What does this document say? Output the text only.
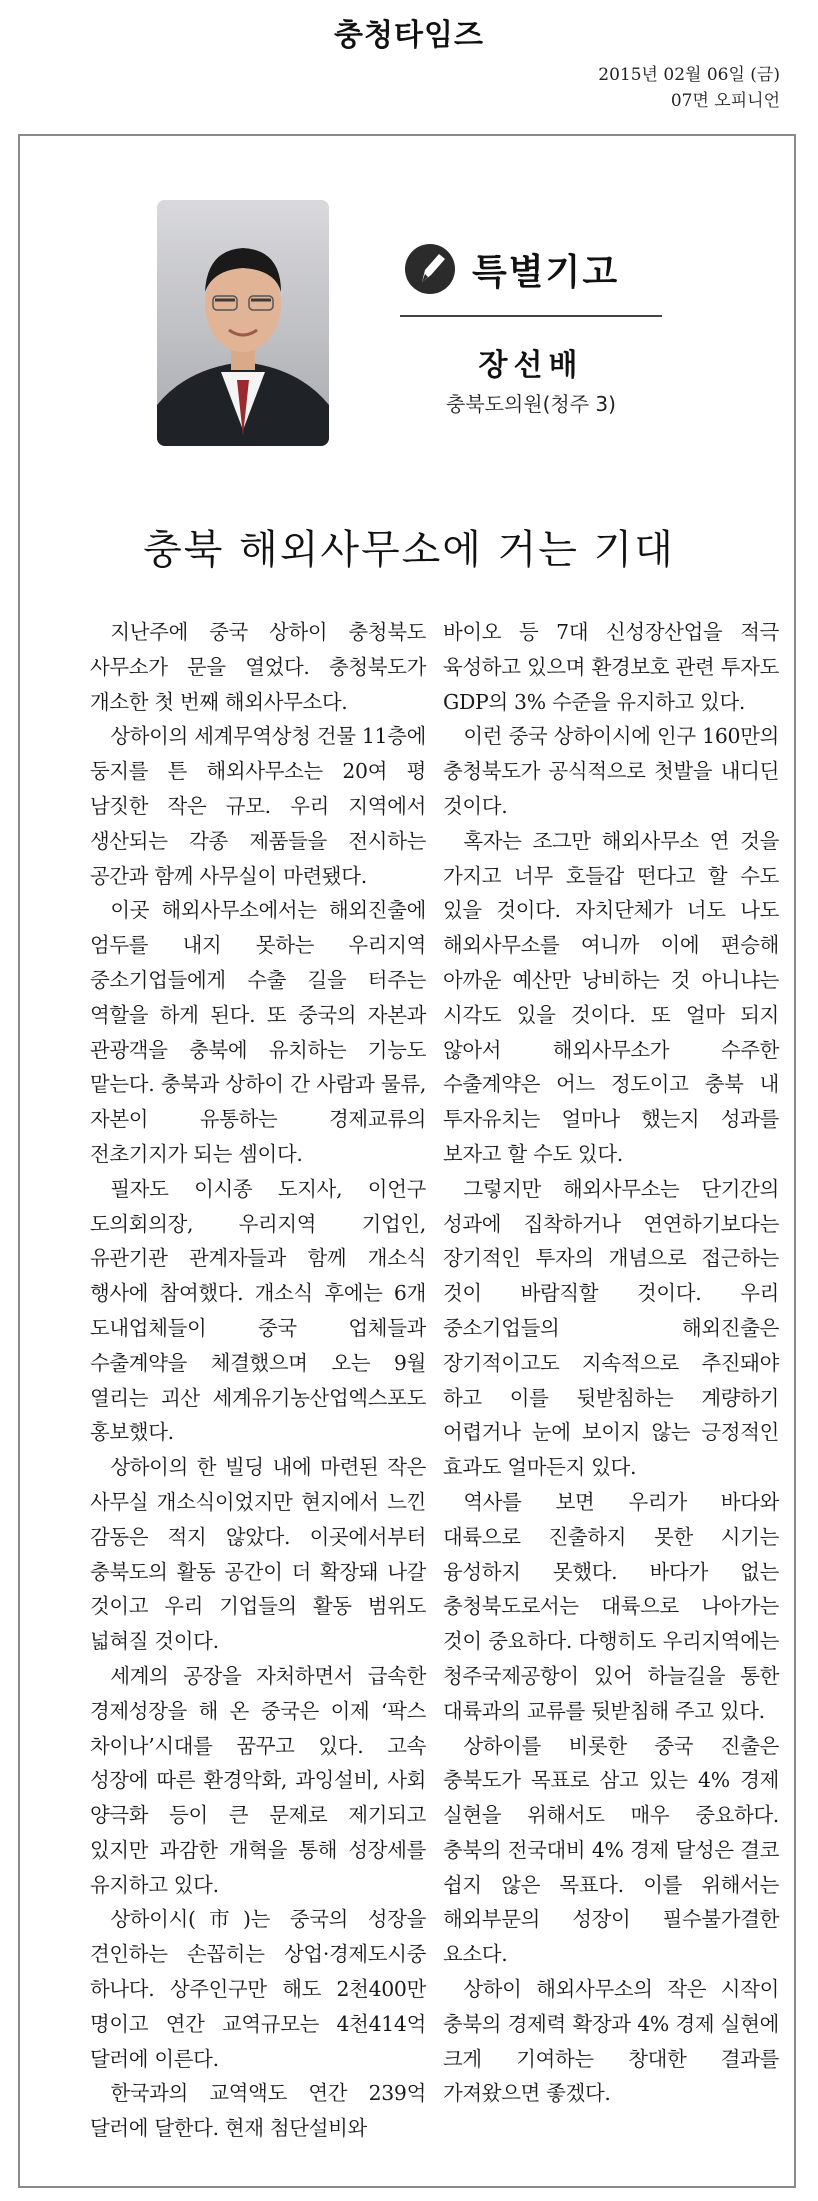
충청타임즈
2015년 02월 06일 (금)
07면 오피니언
특별기고
장선배
충북도의원(청주 3)
충북 해외사무소에 거는 기대

지난주에 중국 상하이 충청북도 사무소가 문을 열었다. 충청북도가 개소한 첫 번째 해외사무소다.

상하이의 세계무역상청 건물 11층에 둥지를 튼 해외사무소는 20여 평 남짓한 작은 규모. 우리 지역에서 생산되는 각종 제품들을 전시하는 공간과 함께 사무실이 마련됐다.

이곳 해외사무소에서는 해외진출에 엄두를 내지 못하는 우리지역 중소기업들에게 수출 길을 터주는 역할을 하게 된다. 또 중국의 자본과 관광객을 충북에 유치하는 기능도 맡는다. 충북과 상하이 간 사람과 물류, 자본이 유통하는 경제교류의 전초기지가 되는 셈이다.

필자도 이시종 도지사, 이언구 도의회의장, 우리지역 기업인, 유관기관 관계자들과 함께 개소식 행사에 참여했다. 개소식 후에는 6개 도내업체들이 중국 업체들과 수출계약을 체결했으며 오는 9월 열리는 괴산 세계유기농산업엑스포도 홍보했다.

상하이의 한 빌딩 내에 마련된 작은 사무실 개소식이었지만 현지에서 느낀 감동은 적지 않았다. 이곳에서부터 충북도의 활동 공간이 더 확장돼 나갈 것이고 우리 기업들의 활동 범위도 넓혀질 것이다.

세계의 공장을 자처하면서 급속한 경제성장을 해 온 중국은 이제 ‘팍스 차이나’시대를 꿈꾸고 있다. 고속 성장에 따른 환경악화, 과잉설비, 사회 양극화 등이 큰 문제로 제기되고 있지만 과감한 개혁을 통해 성장세를 유지하고 있다.

상하이시(市)는 중국의 성장을 견인하는 손꼽히는 상업·경제도시중 하나다. 상주인구만 해도 2천400만 명이고 연간 교역규모는 4천414억 달러에 이른다.

한국과의 교역액도 연간 239억 달러에 달한다. 현재 첨단설비와

바이오 등 7대 신성장산업을 적극 육성하고 있으며 환경보호 관련 투자도 GDP의 3% 수준을 유지하고 있다.

이런 중국 상하이시에 인구 160만의 충청북도가 공식적으로 첫발을 내디딘 것이다.

혹자는 조그만 해외사무소 연 것을 가지고 너무 호들갑 떤다고 할 수도 있을 것이다. 자치단체가 너도 나도 해외사무소를 여니까 이에 편승해 아까운 예산만 낭비하는 것 아니냐는 시각도 있을 것이다. 또 얼마 되지 않아서 해외사무소가 수주한 수출계약은 어느 정도이고 충북 내 투자유치는 얼마나 했는지 성과를 보자고 할 수도 있다.

그렇지만 해외사무소는 단기간의 성과에 집착하거나 연연하기보다는 장기적인 투자의 개념으로 접근하는 것이 바람직할 것이다. 우리 중소기업들의 해외진출은 장기적이고도 지속적으로 추진돼야 하고 이를 뒷받침하는 계량하기 어렵거나 눈에 보이지 않는 긍정적인 효과도 얼마든지 있다.

역사를 보면 우리가 바다와 대륙으로 진출하지 못한 시기는 융성하지 못했다. 바다가 없는 충청북도로서는 대륙으로 나아가는 것이 중요하다. 다행히도 우리지역에는 청주국제공항이 있어 하늘길을 통한 대륙과의 교류를 뒷받침해 주고 있다.

상하이를 비롯한 중국 진출은 충북도가 목표로 삼고 있는 4% 경제 실현을 위해서도 매우 중요하다. 충북의 전국대비 4% 경제 달성은 결코 쉽지 않은 목표다. 이를 위해서는 해외부문의 성장이 필수불가결한 요소다.

상하이 해외사무소의 작은 시작이 충북의 경제력 확장과 4% 경제 실현에 크게 기여하는 창대한 결과를 가져왔으면 좋겠다.
